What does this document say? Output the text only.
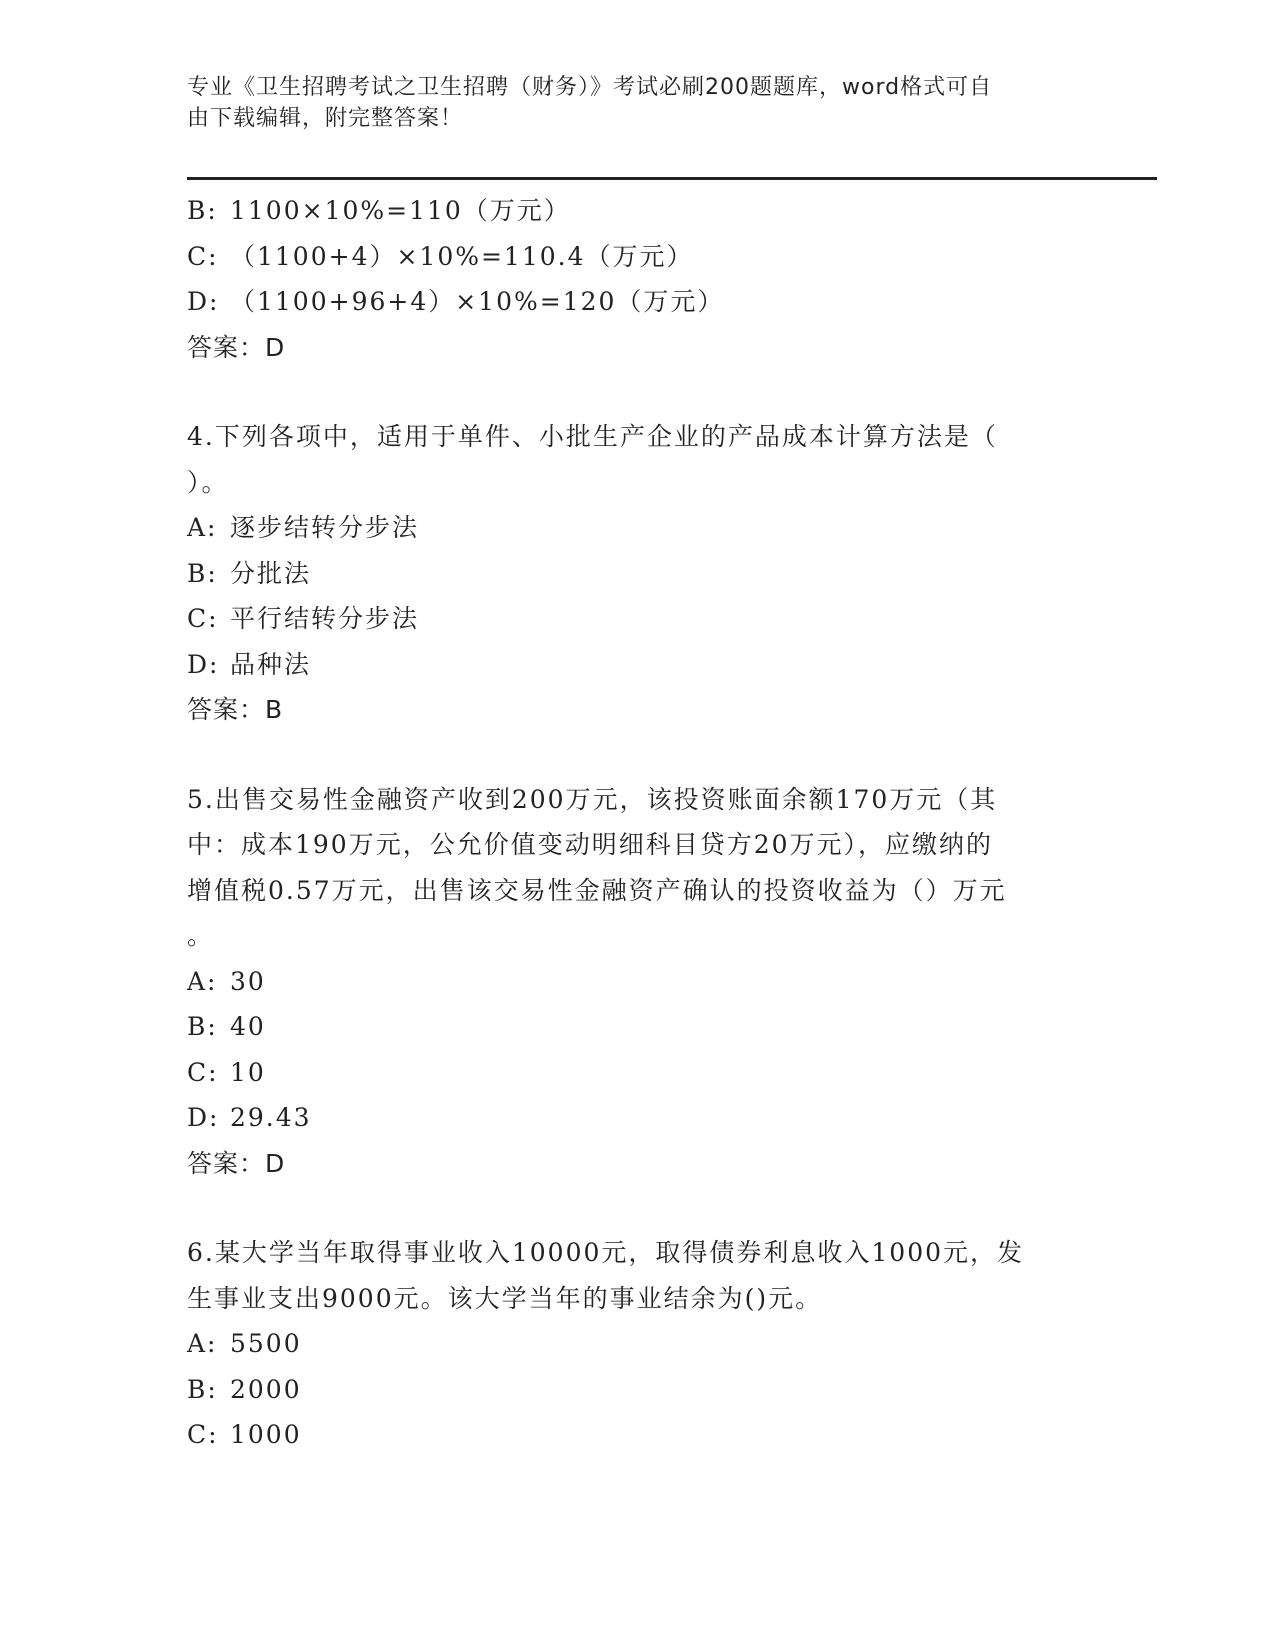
专业《卫生招聘考试之卫生招聘（财务）》考试必刷200题题库，word格式可自
由下载编辑，附完整答案！
B: 1100×10%=110（万元）
C: （1100+4）×10%=110.4（万元）
D: （1100+96+4）×10%=120（万元）
答案：D
4.下列各项中，适用于单件、小批生产企业的产品成本计算方法是（
）。
A: 逐步结转分步法
B: 分批法
C: 平行结转分步法
D: 品种法
答案：B
5.出售交易性金融资产收到200万元，该投资账面余额170万元（其
中：成本190万元，公允价值变动明细科目贷方20万元），应缴纳的
增值税0.57万元，出售该交易性金融资产确认的投资收益为（）万元
。
A: 30
B: 40
C: 10
D: 29.43
答案：D
6.某大学当年取得事业收入10000元，取得债券利息收入1000元，发
生事业支出9000元。该大学当年的事业结余为()元。
A: 5500
B: 2000
C: 1000
